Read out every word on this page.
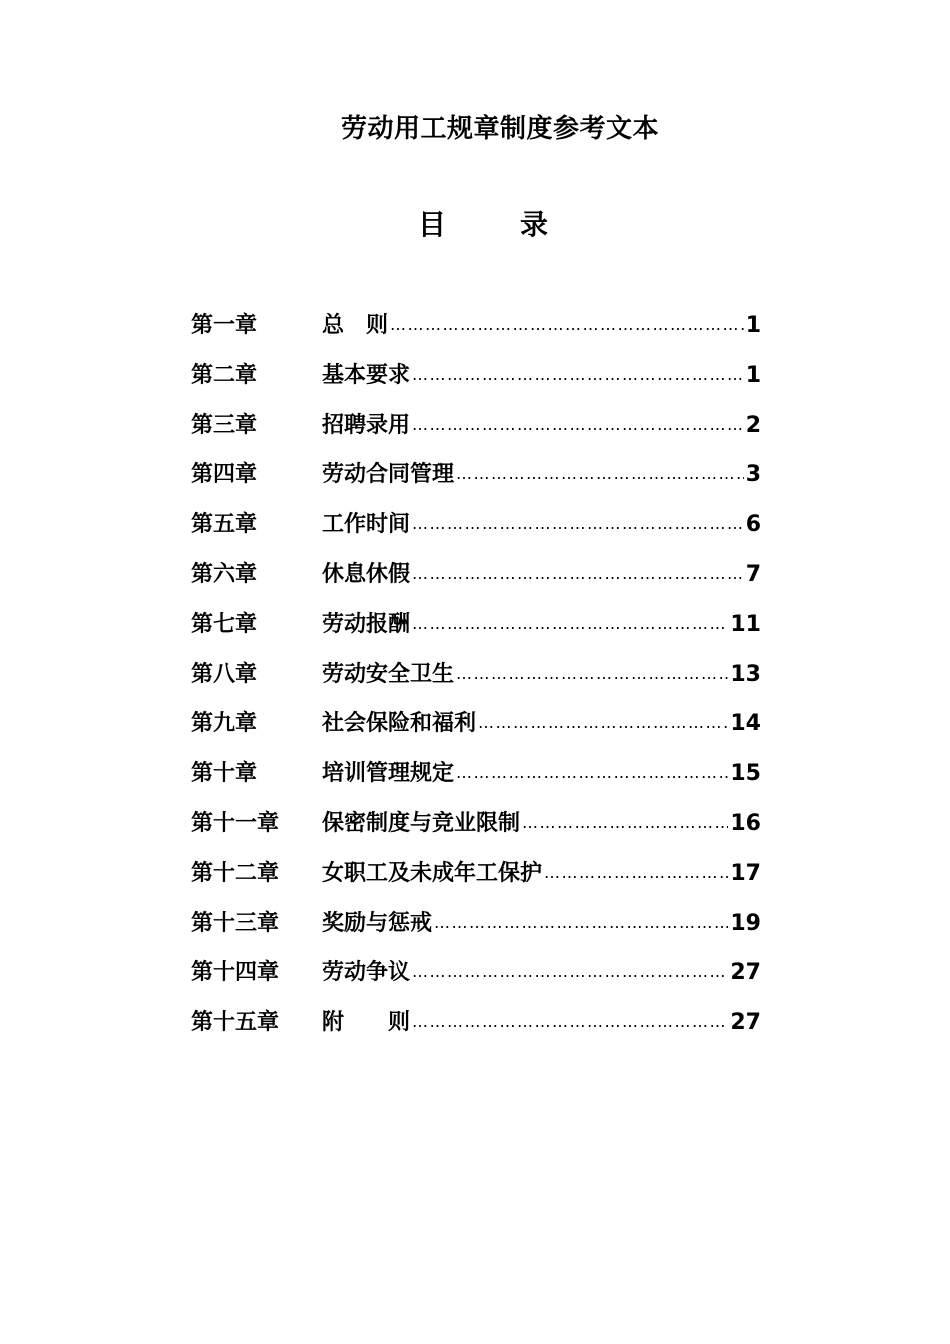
劳动用工规章制度参考文本
目	录
第一章	总　则 …………………………………………………………………………………………………………………………	1
第二章	基本要求 …………………………………………………………………………………………………………………………	1
第三章	招聘录用 …………………………………………………………………………………………………………………………	2
第四章	劳动合同管理 …………………………………………………………………………………………………………………………	3
第五章	工作时间 …………………………………………………………………………………………………………………………	6
第六章	休息休假 …………………………………………………………………………………………………………………………	7
第七章	劳动报酬 …………………………………………………………………………………………………………………………	11
第八章	劳动安全卫生 …………………………………………………………………………………………………………………………	13
第九章	社会保险和福利 …………………………………………………………………………………………………………………………	14
第十章	培训管理规定 …………………………………………………………………………………………………………………………	15
第十一章	保密制度与竞业限制 …………………………………………………………………………………………………………………………	16
第十二章	女职工及未成年工保护 …………………………………………………………………………………………………………………………	17
第十三章	奖励与惩戒 …………………………………………………………………………………………………………………………	19
第十四章	劳动争议 …………………………………………………………………………………………………………………………	27
第十五章	附　　则 …………………………………………………………………………………………………………………………	27
